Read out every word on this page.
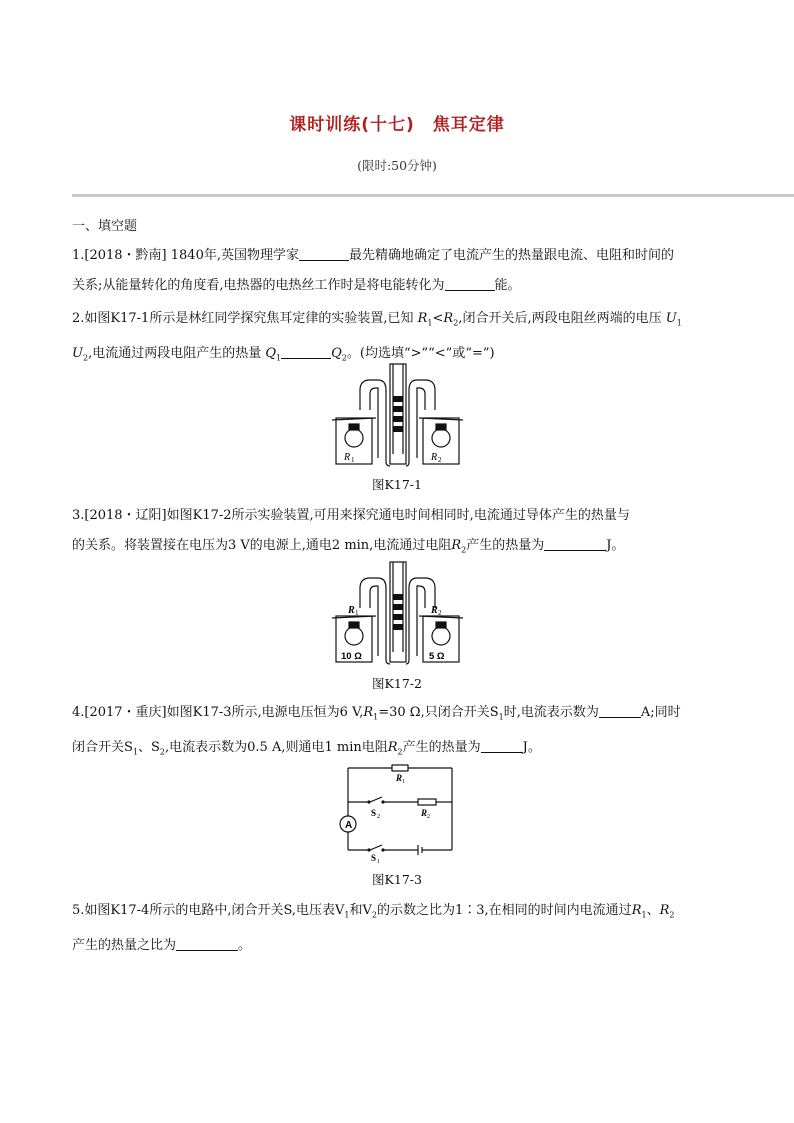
课时训练(十七)　焦耳定律
(限时:50分钟)
一、填空题
1.[2018・黔南] 1840年,英国物理学家	最先精确地确定了电流产生的热量跟电流、电阻和时间的
关系;从能量转化的角度看,电热器的电热丝工作时是将电能转化为	能。
2.如图K17-1所示是林红同学探究焦耳定律的实验装置,已知 $R_1<R_2$,闭合开关后,两段电阻丝两端的电压 $U_1$
$U_2$,电流通过两段电阻产生的热量 $Q_1$	$Q_2$。(均选填“>”“<”或“=”)
R 1	R 2
图K17-1
3.[2018・辽阳]如图K17-2所示实验装置,可用来探究通电时间相同时,电流通过导体产生的热量与
的关系。将装置接在电压为3 V的电源上,通电2 min,电流通过电阻$R_2$产生的热量为	J。
R 1	R 2
10 Ω	5 Ω
图K17-2
4.[2017・重庆]如图K17-3所示,电源电压恒为6 $V,R_1=30$ Ω,只闭合开关$S_1$时,电流表示数为	A;同时
闭合开关$S_1$、$S_2$,电流表示数为0.5 A,则通电1 min电阻$R_2$产生的热量为	J。
A
R 1
R 2
S 2
S 1
图K17-3
5.如图K17-4所示的电路中,闭合开关S,电压表$V_1$和$V_2$的示数之比为1∶3,在相同的时间内电流通过$R_1$、$R_2$
产生的热量之比为	。
